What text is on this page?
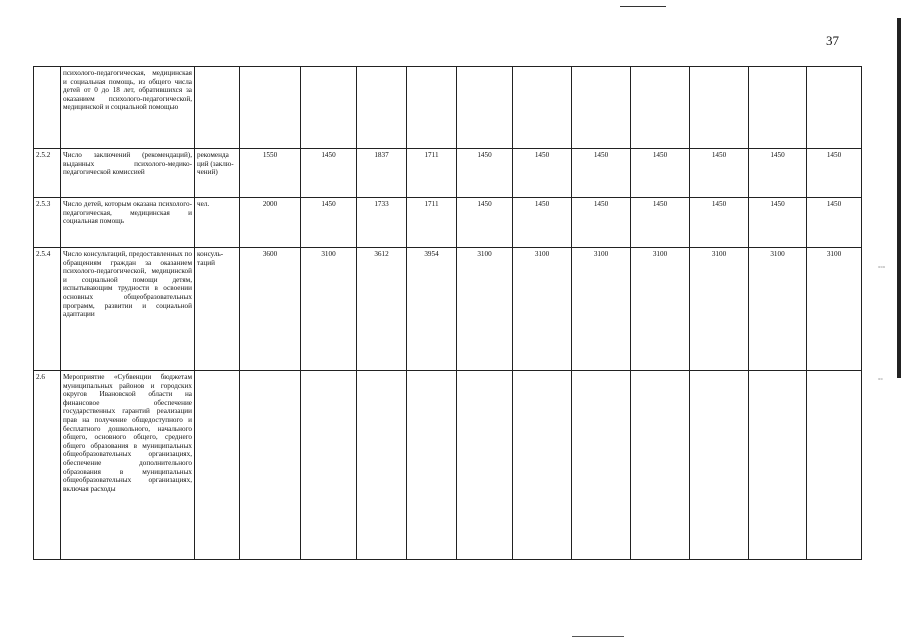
37
°°°
°°
	психолого-педагогическая, медицинская и социальная помощь, из общего числа детей от 0 до 18 лет, обратившихся за оказанием психолого-педагогической, медицинской и социальной помощью												
2.5.2	Число заключений (рекомендаций), выданных психолого-медико-педагогической комиссией	рекоменда ций (заклю-чений)	1550	1450	1837	1711	1450	1450	1450	1450	1450	1450	1450
2.5.3	Число детей, которым оказана психолого-педагогическая, медицинская и социальная помощь	чел.	2000	1450	1733	1711	1450	1450	1450	1450	1450	1450	1450
2.5.4	Число консультаций, предоставленных по обращениям граждан за оказанием психолого-педагогической, медицинской и социальной помощи детям, испытывающим трудности в освоении основных общеобразовательных программ, развитии и социальной адаптации	консуль-таций	3600	3100	3612	3954	3100	3100	3100	3100	3100	3100	3100
2.6	Мероприятие «Субвенции бюджетам муниципальных районов и городских округов Ивановской области на финансовое обеспечение государственных гарантий реализации прав на получение общедоступного и бесплатного дошкольного, начального общего, основного общего, среднего общего образования в муниципальных общеобразовательных организациях, обеспечение дополнительного образования в муниципальных общеобразовательных организациях, включая расходы												
